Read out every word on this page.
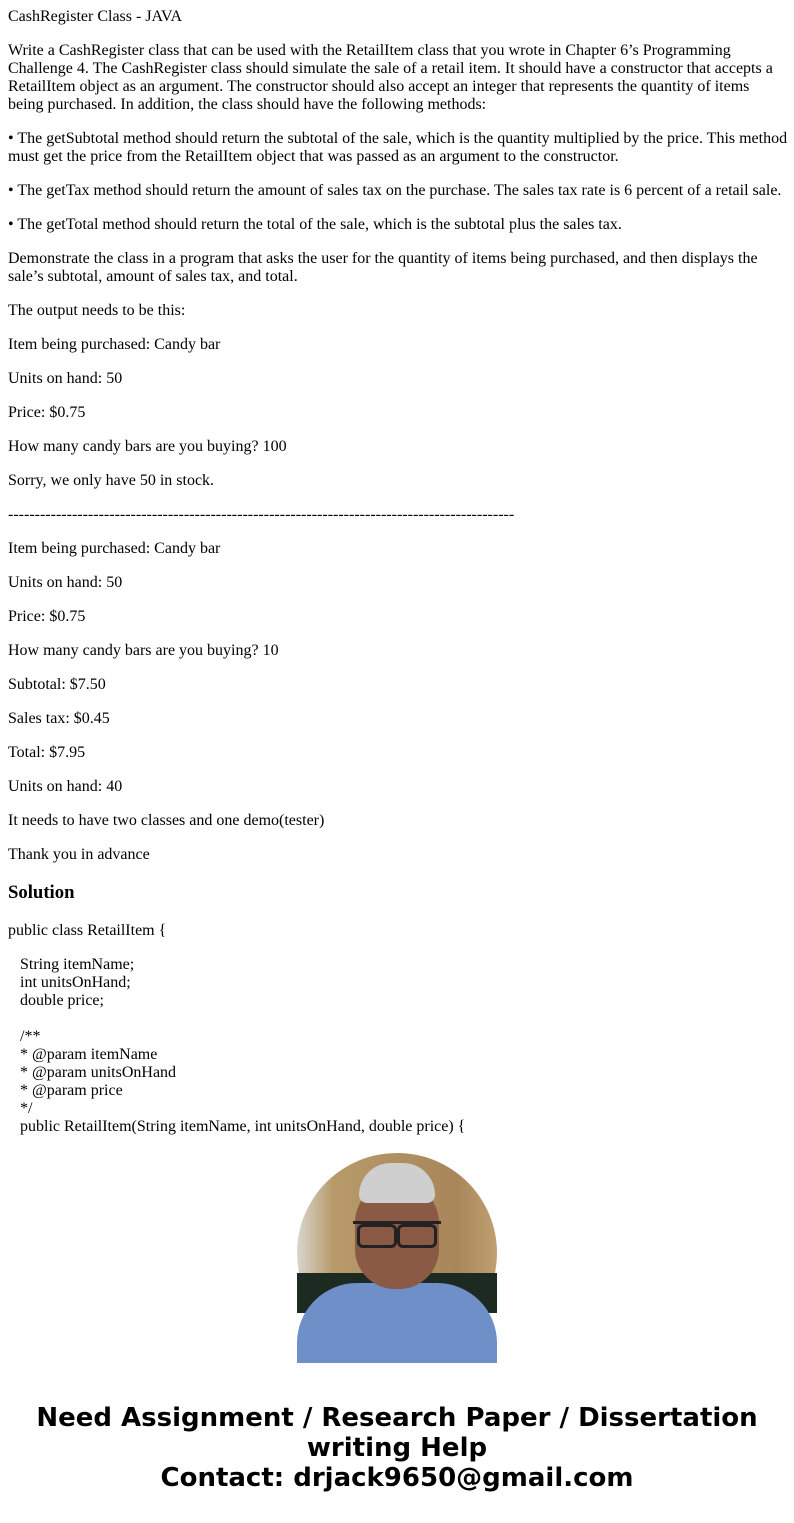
CashRegister Class - JAVA

Write a CashRegister class that can be used with the RetailItem class that you wrote in Chapter 6’s Programming Challenge 4. The CashRegister class should simulate the sale of a retail item. It should have a constructor that accepts a RetailItem object as an argument. The constructor should also accept an integer that represents the quantity of items being purchased. In addition, the class should have the following methods:

• The getSubtotal method should return the subtotal of the sale, which is the quantity multiplied by the price. This method must get the price from the RetailItem object that was passed as an argument to the constructor.

• The getTax method should return the amount of sales tax on the purchase. The sales tax rate is 6 percent of a retail sale.

• The getTotal method should return the total of the sale, which is the subtotal plus the sales tax.

Demonstrate the class in a program that asks the user for the quantity of items being purchased, and then displays the sale’s subtotal, amount of sales tax, and total.

The output needs to be this:

Item being purchased: Candy bar

Units on hand: 50

Price: $0.75

How many candy bars are you buying? 100

Sorry, we only have 50 in stock.

-----------------------------------------------------------------------------------------------

Item being purchased: Candy bar

Units on hand: 50

Price: $0.75

How many candy bars are you buying? 10

Subtotal: $7.50

Sales tax: $0.45

Total: $7.95

Units on hand: 40

It needs to have two classes and one demo(tester)

Thank you in advance

Solution

public class RetailItem {

String itemName;
int unitsOnHand;
double price;
/**
* @param itemName
* @param unitsOnHand
* @param price
*/
public RetailItem(String itemName, int unitsOnHand, double price) {
Need Assignment / Research Paper / Dissertation
writing Help
Contact: drjack9650@gmail.com
